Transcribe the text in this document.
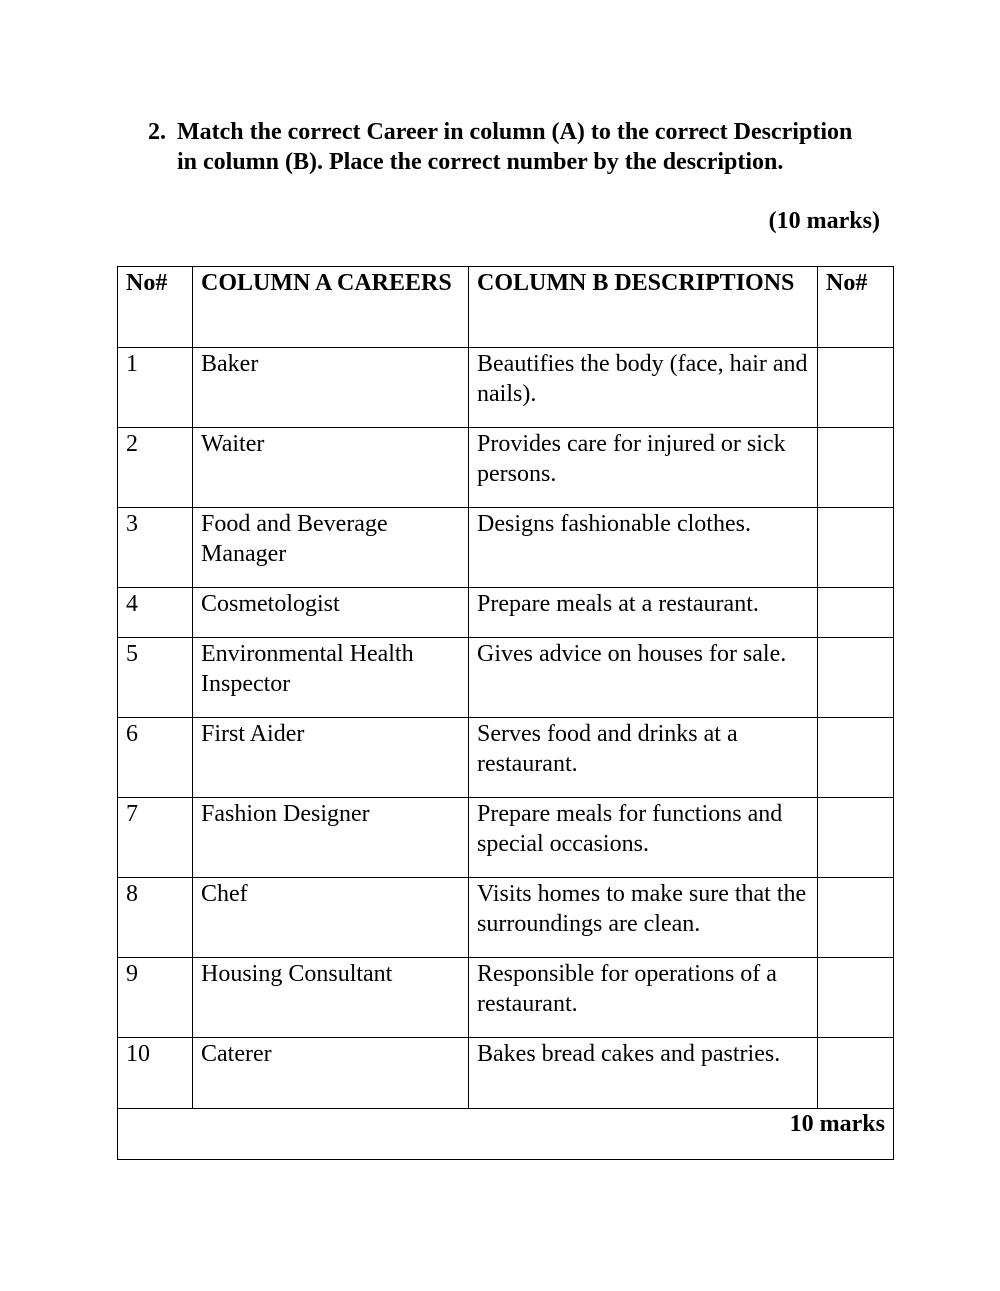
2. Match the correct Career in column (A) to the correct Description in column (B). Place the correct number by the description.
(10 marks)
No#	COLUMN A CAREERS	COLUMN B DESCRIPTIONS	No#
1	Baker	Beautifies the body (face, hair and nails).	
2	Waiter	Provides care for injured or sick persons.	
3	Food and Beverage Manager	Designs fashionable clothes.	
4	Cosmetologist	Prepare meals at a restaurant.	
5	Environmental Health Inspector	Gives advice on houses for sale.	
6	First Aider	Serves food and drinks at a restaurant.	
7	Fashion Designer	Prepare meals for functions and special occasions.	
8	Chef	Visits homes to make sure that the surroundings are clean.	
9	Housing Consultant	Responsible for operations of a restaurant.	
10	Caterer	Bakes bread cakes and pastries.	
10 marks			
